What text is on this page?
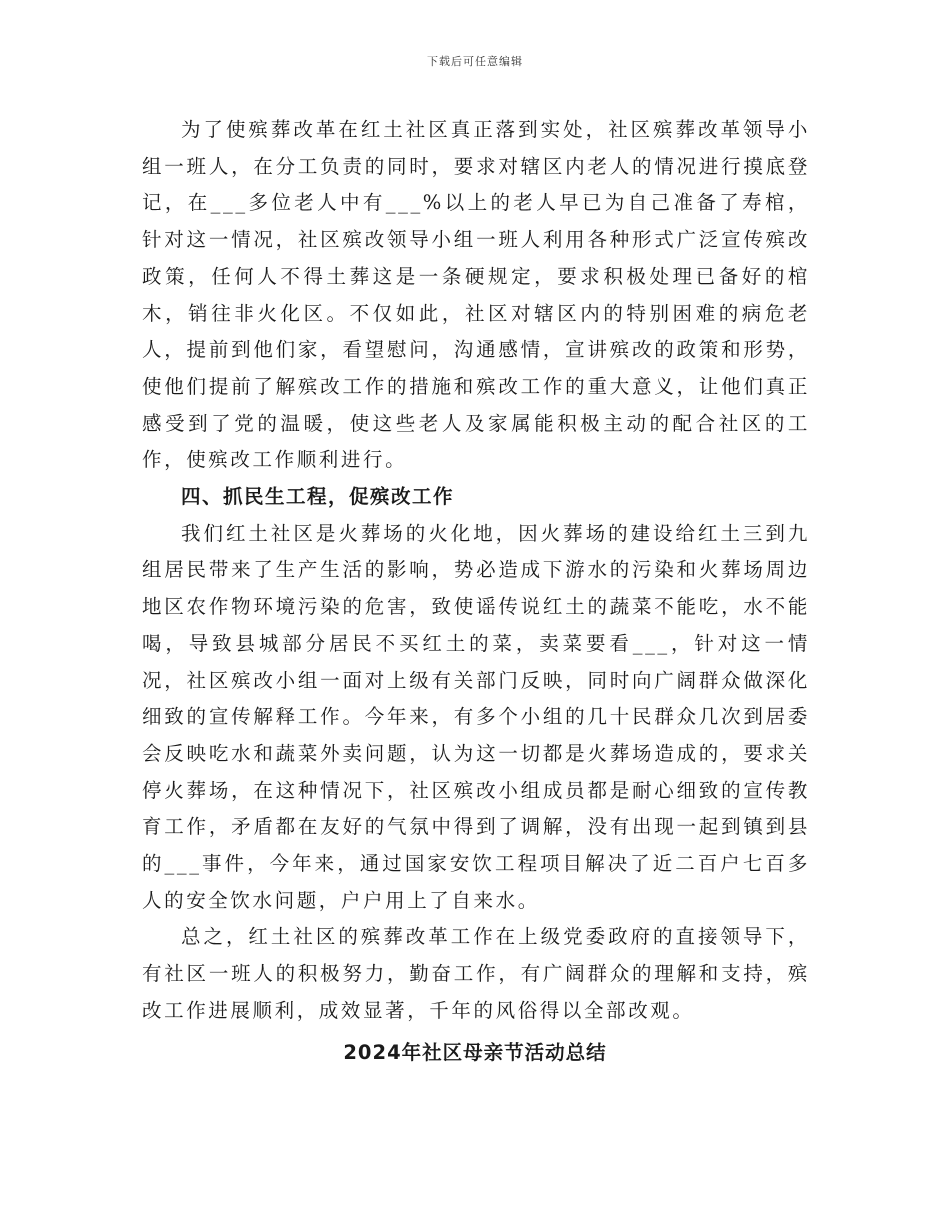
下载后可任意编辑

为了使殡葬改革在红土社区真正落到实处，社区殡葬改革领导小组一班人，在分工负责的同时，要求对辖区内老人的情况进行摸底登记，在___多位老人中有___%以上的老人早已为自己准备了寿棺，针对这一情况，社区殡改领导小组一班人利用各种形式广泛宣传殡改政策，任何人不得土葬这是一条硬规定，要求积极处理已备好的棺木，销往非火化区。不仅如此，社区对辖区内的特别困难的病危老人，提前到他们家，看望慰问，沟通感情，宣讲殡改的政策和形势，使他们提前了解殡改工作的措施和殡改工作的重大意义，让他们真正感受到了党的温暖，使这些老人及家属能积极主动的配合社区的工作，使殡改工作顺利进行。

四、抓民生工程，促殡改工作

我们红土社区是火葬场的火化地，因火葬场的建设给红土三到九组居民带来了生产生活的影响，势必造成下游水的污染和火葬场周边地区农作物环境污染的危害，致使谣传说红土的蔬菜不能吃，水不能喝，导致县城部分居民不买红土的菜，卖菜要看___，针对这一情况，社区殡改小组一面对上级有关部门反映，同时向广阔群众做深化细致的宣传解释工作。今年来，有多个小组的几十民群众几次到居委会反映吃水和蔬菜外卖问题，认为这一切都是火葬场造成的，要求关停火葬场，在这种情况下，社区殡改小组成员都是耐心细致的宣传教育工作，矛盾都在友好的气氛中得到了调解，没有出现一起到镇到县的___事件，今年来，通过国家安饮工程项目解决了近二百户七百多人的安全饮水问题，户户用上了自来水。

总之，红土社区的殡葬改革工作在上级党委政府的直接领导下，有社区一班人的积极努力，勤奋工作，有广阔群众的理解和支持，殡改工作进展顺利，成效显著，千年的风俗得以全部改观。

2024年社区母亲节活动总结
